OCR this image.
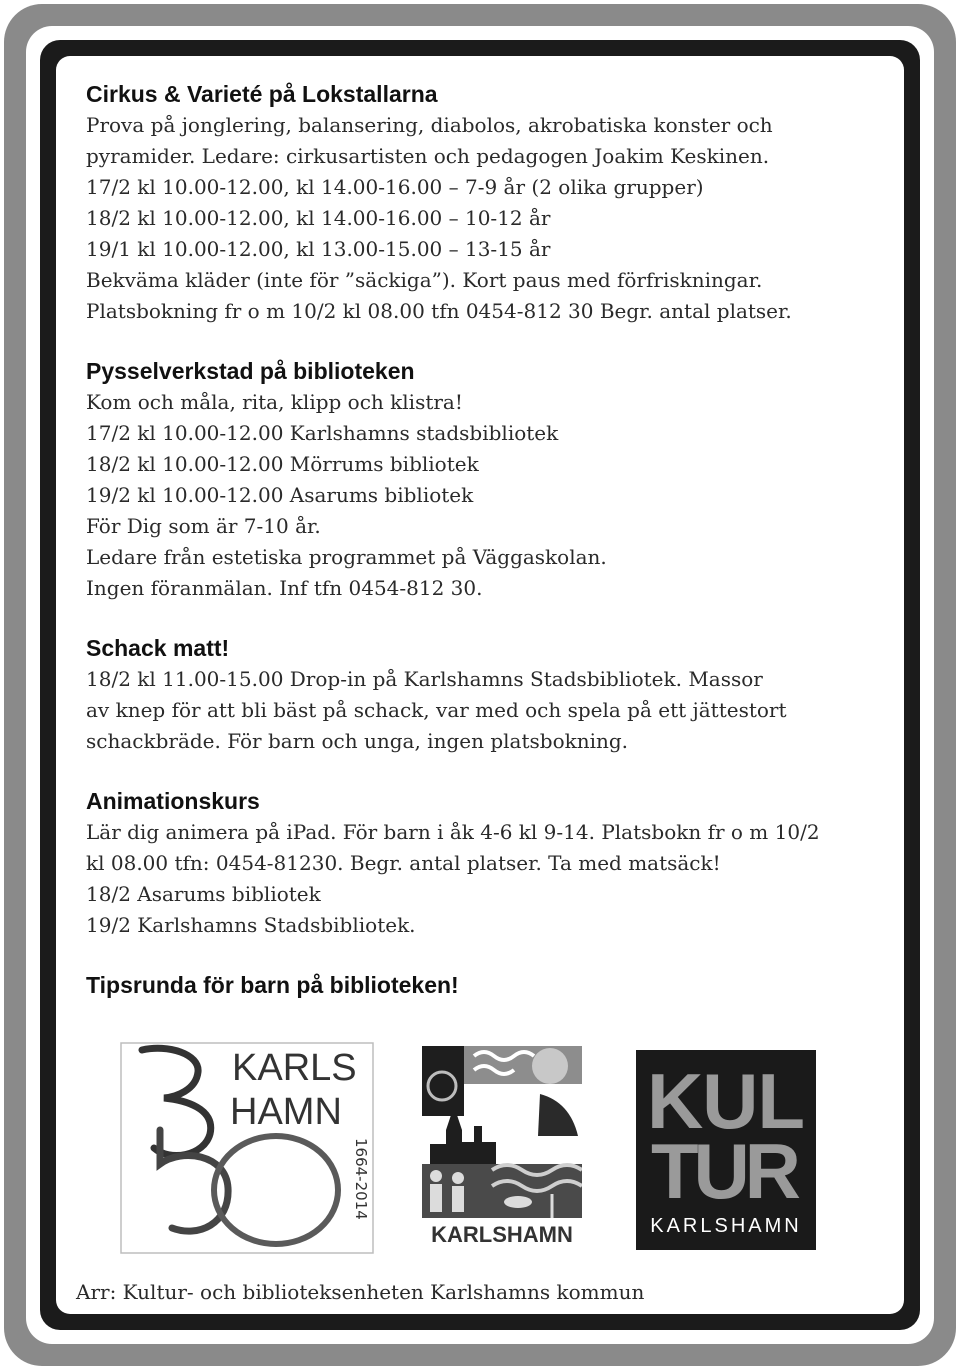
Cirkus & Varieté på Lokstallarna

Prova på jonglering, balansering, diabolos, akrobatiska konster och

pyramider. Ledare: cirkusartisten och pedagogen Joakim Keskinen.

17/2 kl 10.00-12.00, kl 14.00-16.00 – 7-9 år (2 olika grupper)

18/2 kl 10.00-12.00, kl 14.00-16.00 – 10-12 år

19/1 kl 10.00-12.00, kl 13.00-15.00 – 13-15 år

Bekväma kläder (inte för ”säckiga”). Kort paus med förfriskningar.

Platsbokning fr o m 10/2 kl 08.00 tfn 0454-812 30 Begr. antal platser.

Pysselverkstad på biblioteken

Kom och måla, rita, klipp och klistra!

17/2 kl 10.00-12.00 Karlshamns stadsbibliotek

18/2 kl 10.00-12.00 Mörrums bibliotek

19/2 kl 10.00-12.00 Asarums bibliotek

För Dig som är 7-10 år.

Ledare från estetiska programmet på Väggaskolan.

Ingen föranmälan. Inf tfn 0454-812 30.

Schack matt!

18/2 kl 11.00-15.00 Drop-in på Karlshamns Stadsbibliotek. Massor

av knep för att bli bäst på schack, var med och spela på ett jättestort

schackbräde. För barn och unga, ingen platsbokning.

Animationskurs

Lär dig animera på iPad. För barn i åk 4-6 kl 9-14. Platsbokn fr o m 10/2

kl 08.00 tfn: 0454-81230. Begr. antal platser. Ta med matsäck!

18/2 Asarums bibliotek

19/2 Karlshamns Stadsbibliotek.

Tipsrunda för barn på biblioteken!

KARLS
HAMN
1664-2014
KARLSHAMN
KUL
TUR
KARLSHAMN
Arr: Kultur- och biblioteksenheten Karlshamns kommun
